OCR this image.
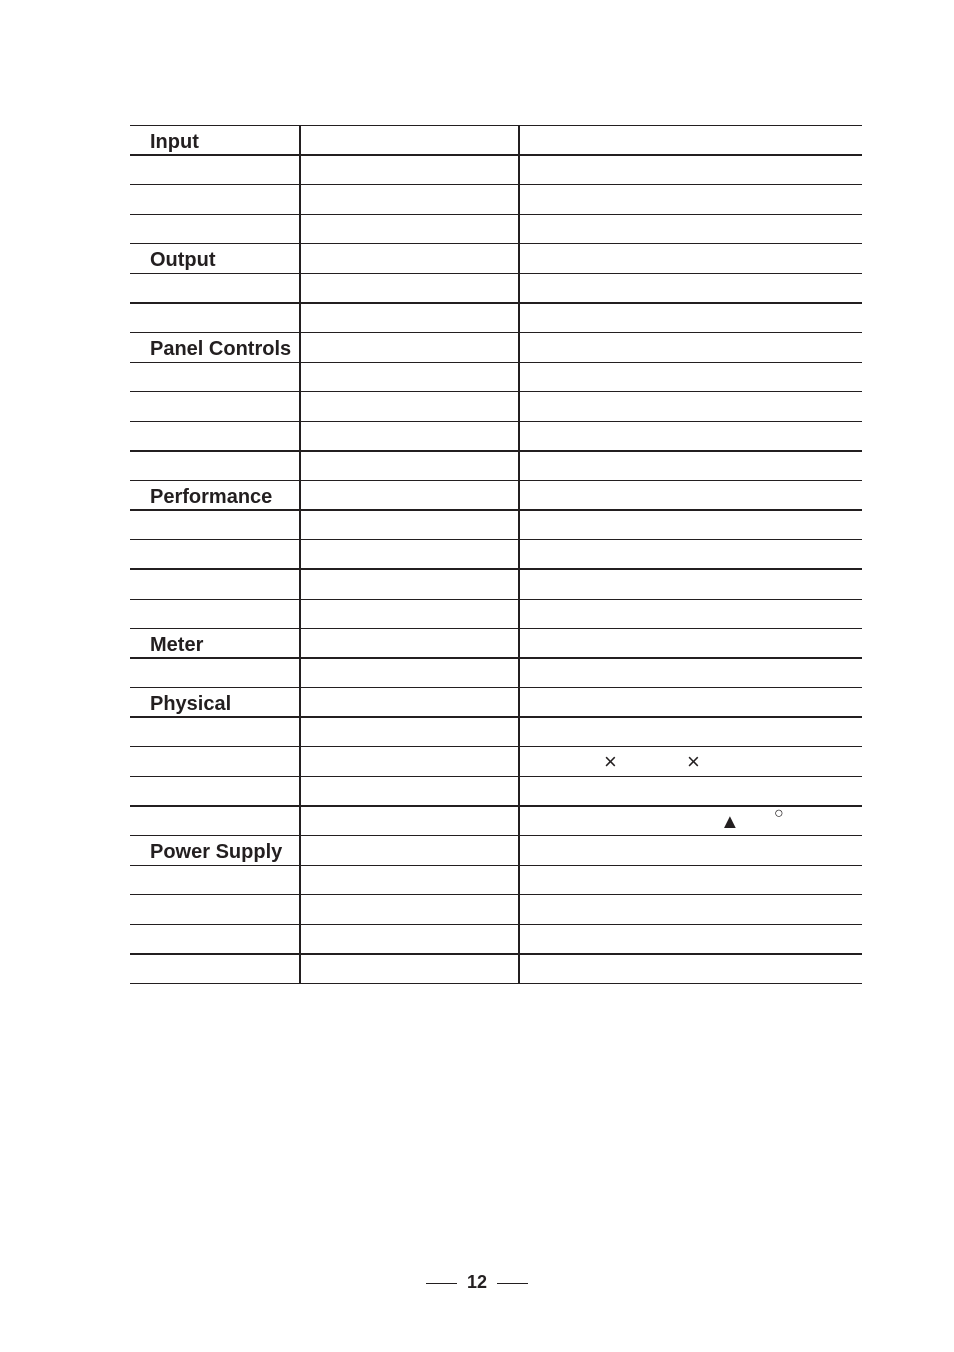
Input
Output
Panel Controls
Performance
Meter
Physical
×	×
▲ ○
Power Supply
12
